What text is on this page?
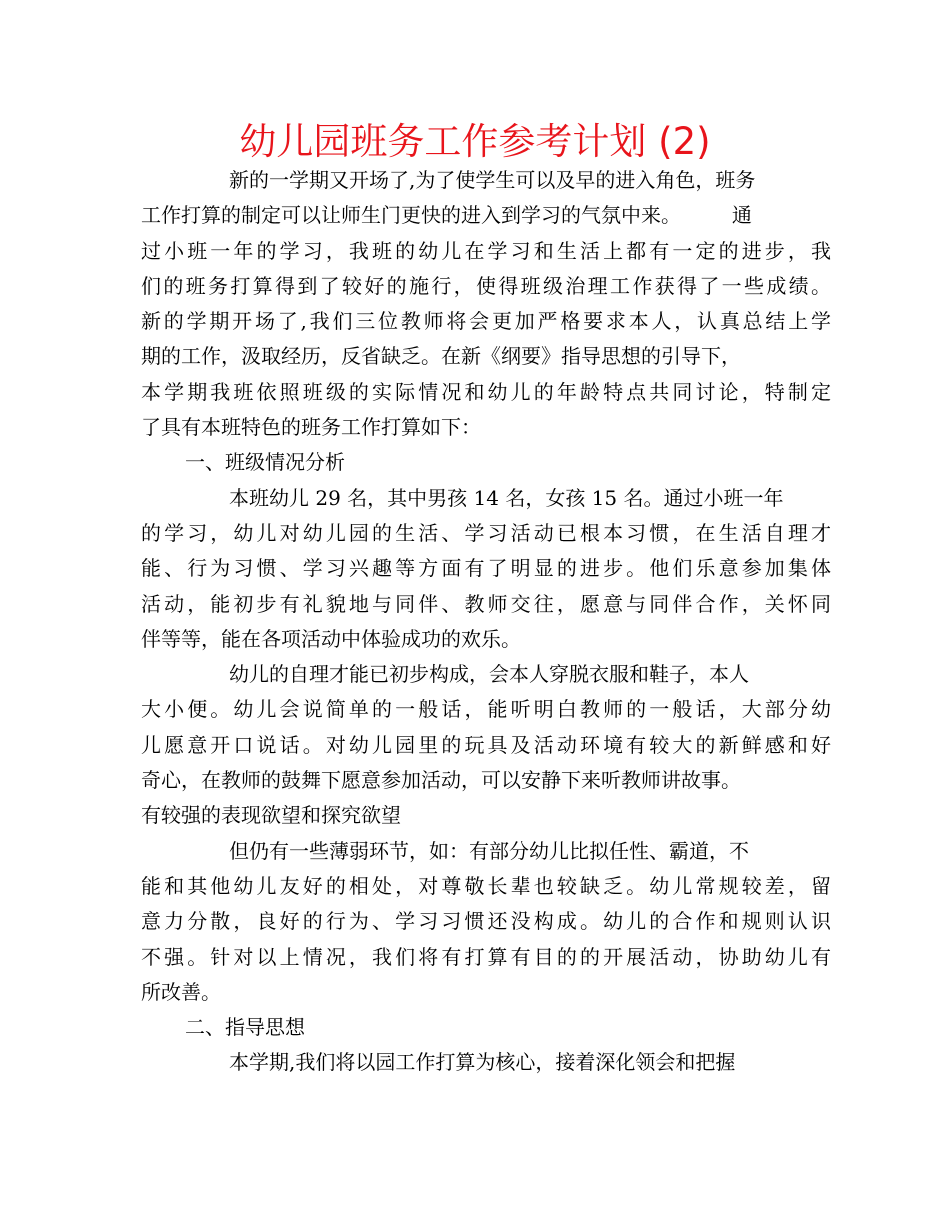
幼儿园班务工作参考计划 (2)
新的一学期又开场了,为了使学生可以及早的进入角色，班务
工作打算的制定可以让师生门更快的进入到学习的气氛中来。        通
过小班一年的学习，我班的幼儿在学习和生活上都有一定的进步，我
们的班务打算得到了较好的施行，使得班级治理工作获得了一些成绩。
新的学期开场了,我们三位教师将会更加严格要求本人，认真总结上学
期的工作，汲取经历，反省缺乏。在新《纲要》指导思想的引导下，
本学期我班依照班级的实际情况和幼儿的年龄特点共同讨论，特制定
了具有本班特色的班务工作打算如下：
一、班级情况分析
本班幼儿 29 名，其中男孩 14 名，女孩 15 名。通过小班一年
的学习，幼儿对幼儿园的生活、学习活动已根本习惯，在生活自理才
能、行为习惯、学习兴趣等方面有了明显的进步。他们乐意参加集体
活动，能初步有礼貌地与同伴、教师交往，愿意与同伴合作，关怀同
伴等等，能在各项活动中体验成功的欢乐。
幼儿的自理才能已初步构成，会本人穿脱衣服和鞋子，本人
大小便。幼儿会说简单的一般话，能听明白教师的一般话，大部分幼
儿愿意开口说话。对幼儿园里的玩具及活动环境有较大的新鲜感和好
奇心，在教师的鼓舞下愿意参加活动，可以安静下来听教师讲故事。
有较强的表现欲望和探究欲望
但仍有一些薄弱环节，如：有部分幼儿比拟任性、霸道，不
能和其他幼儿友好的相处，对尊敬长辈也较缺乏。幼儿常规较差，留
意力分散，良好的行为、学习习惯还没构成。幼儿的合作和规则认识
不强。针对以上情况，我们将有打算有目的的开展活动，协助幼儿有
所改善。
二、指导思想
本学期,我们将以园工作打算为核心，接着深化领会和把握
